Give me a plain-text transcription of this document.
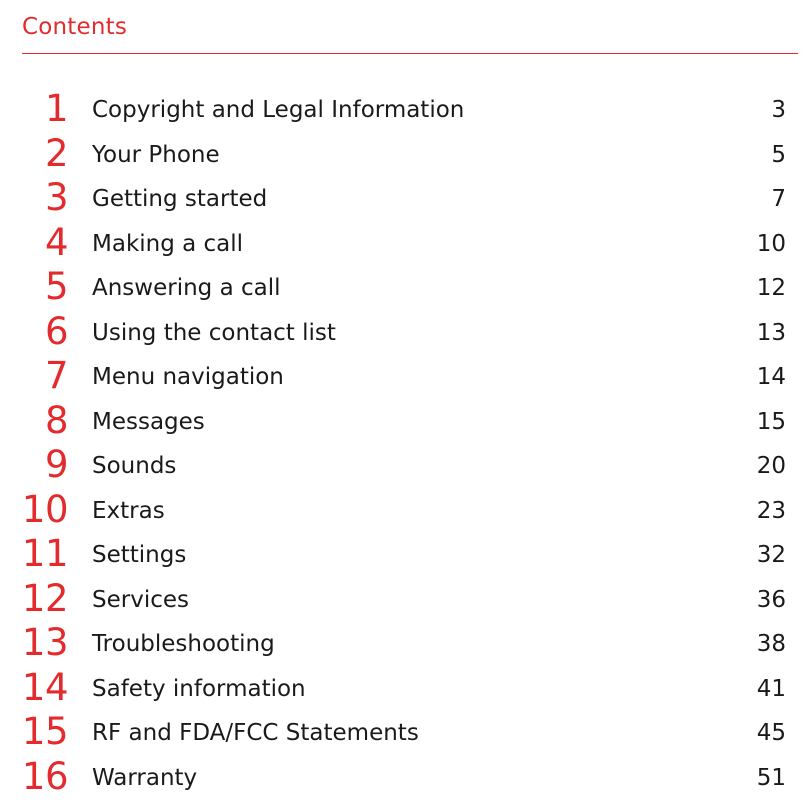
Contents
1 Copyright and Legal Information	3
2 Your Phone	5
3 Getting started	7
4 Making a call	10
5 Answering a call	12
6 Using the contact list	13
7 Menu navigation	14
8 Messages	15
9 Sounds	20
10 Extras	23
11 Settings	32
12 Services	36
13 Troubleshooting	38
14 Safety information	41
15 RF and FDA/FCC Statements	45
16 Warranty	51
